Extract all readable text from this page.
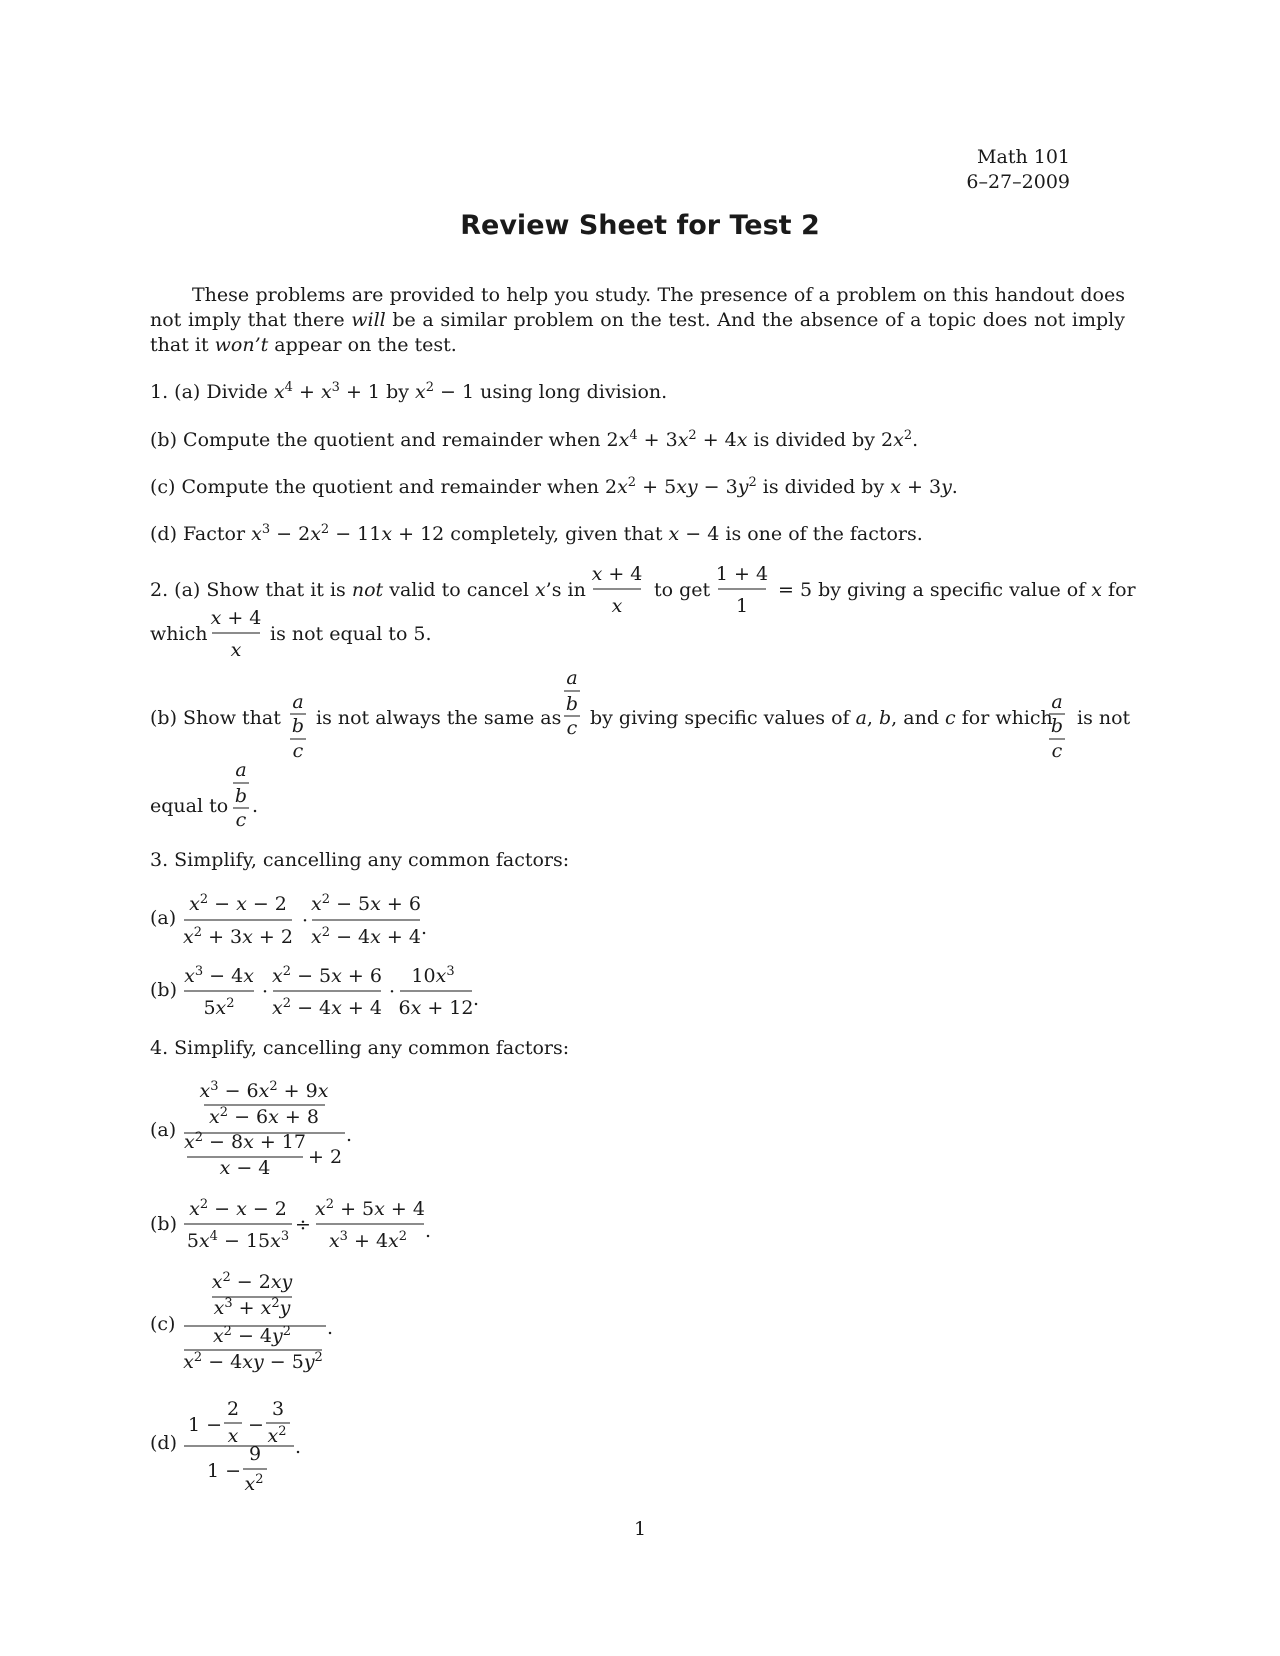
Math 101
6–27–2009
Review Sheet for Test 2
These problems are provided to help you study. The presence of a problem on this handout does not imply that there will be a similar problem on the test. And the absence of a topic does not imply that it won’t appear on the test.
1. (a) Divide $x^4 + x^3 + 1$ by $x^2 - 1$ using long division.
(b) Compute the quotient and remainder when $2x^4 + 3x^2 + 4x$ is divided by $2x^2$.
(c) Compute the quotient and remainder when $2x^2 + 5xy - 3y^2$ is divided by x + 3y.
(d) Factor $x^3 - 2x^2 - 11x + 12$ completely, given that x − 4 is one of the factors.
2. (a) Show that it is not valid to cancel x’s in
x + 4
x
to get
1 + 4
1
= 5 by giving a specific value of x for
which
x + 4
x
is not equal to 5.
(b) Show that
a
b
c
is not always the same as
a
b
c by giving specific values of a, b, and c for which
a
b
c
is not
equal to
a
b
c
.
3. Simplify, cancelling any common factors:
(a)
$x^2 - x - 2$
$x^2 + 3x + 2$
·
$x^2 - 5x + 6$
$x^2 - 4x + 4$ .
(b)
$x^3 - 4x$
$5x^2$
·
$x^2 - 5x + 6$
$x^2 - 4x + 4$
·
$10x^3$
6x + 12 .
4. Simplify, cancelling any common factors:
(a)
$x^3 - 6x^2 + 9x$
$x^2 - 6x + 8$
$x^2 - 8x + 17$
x − 4 + 2
.
(b)
$x^2 - x - 2$
$5x^4 - 15x^3$
÷
$x^2 + 5x + 4$
$x^3 + 4x^2$ .
(c)
$x^2 - 2xy$
$x^3 + x^2y$
$x^2 - 4y^2$
$x^2 - 4xy - 5y^2$
.
(d)
1 −
2
x −
3
$x^2$
1 −
9
$x^2$
.
1
